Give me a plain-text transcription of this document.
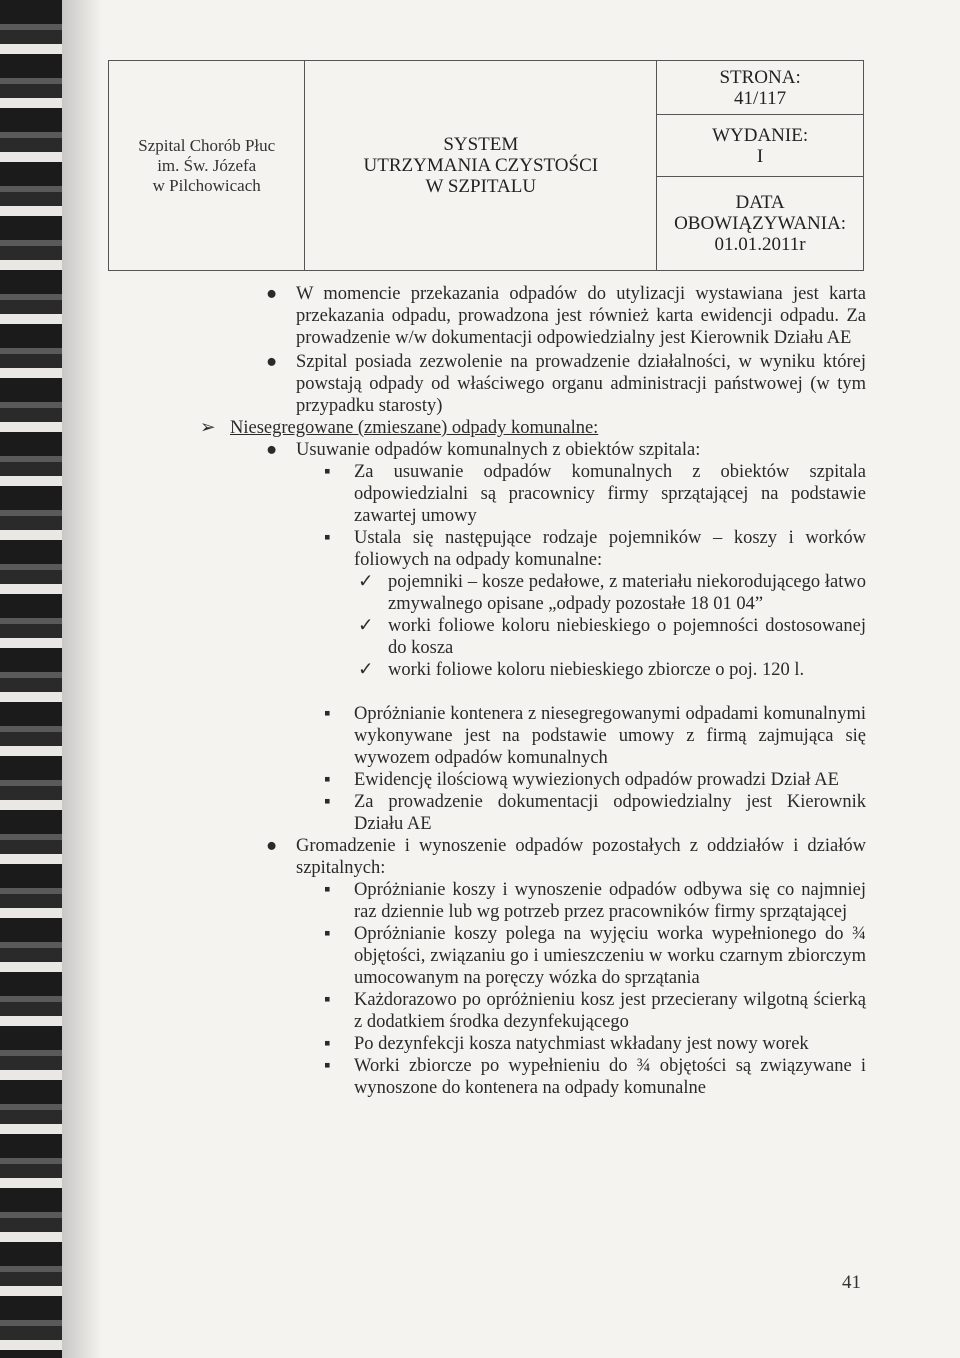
Szpital Chorób Płuc
im. Św. Józefa
w Pilchowicach

SYSTEM
UTRZYMANIA CZYSTOŚCI
W SZPITALU

STRONA:
41/117

WYDANIE:
I

DATA
OBOWIĄZYWANIA:
01.01.2011r
● W momencie przekazania odpadów do utylizacji wystawiana jest karta przekazania odpadu, prowadzona jest również karta ewidencji odpadu. Za prowadzenie w/w dokumentacji odpowiedzialny jest Kierownik Działu AE
● Szpital posiada zezwolenie na prowadzenie działalności, w wyniku której powstają odpady od właściwego organu administracji państwowej (w tym przypadku starosty)
➢ Niesegregowane (zmieszane) odpady komunalne:
● Usuwanie odpadów komunalnych z obiektów szpitala:
▪ Za usuwanie odpadów komunalnych z obiektów szpitala odpowiedzialni są pracownicy firmy sprzątającej na podstawie zawartej umowy
▪ Ustala się następujące rodzaje pojemników – koszy i worków foliowych na odpady komunalne:
✓ pojemniki – kosze pedałowe, z materiału niekorodującego łatwo zmywalnego opisane „odpady pozostałe 18 01 04”
✓ worki foliowe koloru niebieskiego o pojemności dostosowanej do kosza
✓ worki foliowe koloru niebieskiego zbiorcze o poj. 120 l.
▪ Opróżnianie kontenera z niesegregowanymi odpadami komunalnymi wykonywane jest na podstawie umowy z firmą zajmująca się wywozem odpadów komunalnych
▪ Ewidencję ilościową wywiezionych odpadów prowadzi Dział AE
▪ Za prowadzenie dokumentacji odpowiedzialny jest Kierownik Działu AE
● Gromadzenie i wynoszenie odpadów pozostałych z oddziałów i działów szpitalnych:
▪ Opróżnianie koszy i wynoszenie odpadów odbywa się co najmniej raz dziennie lub wg potrzeb przez pracowników firmy sprzątającej
▪ Opróżnianie koszy polega na wyjęciu worka wypełnionego do ¾ objętości, związaniu go i umieszczeniu w worku czarnym zbiorczym umocowanym na poręczy wózka do sprzątania
▪ Każdorazowo po opróżnieniu kosz jest przecierany wilgotną ścierką z dodatkiem środka dezynfekującego
▪ Po dezynfekcji kosza natychmiast wkładany jest nowy worek
▪ Worki zbiorcze po wypełnieniu do ¾ objętości są związywane i wynoszone do kontenera na odpady komunalne
41
